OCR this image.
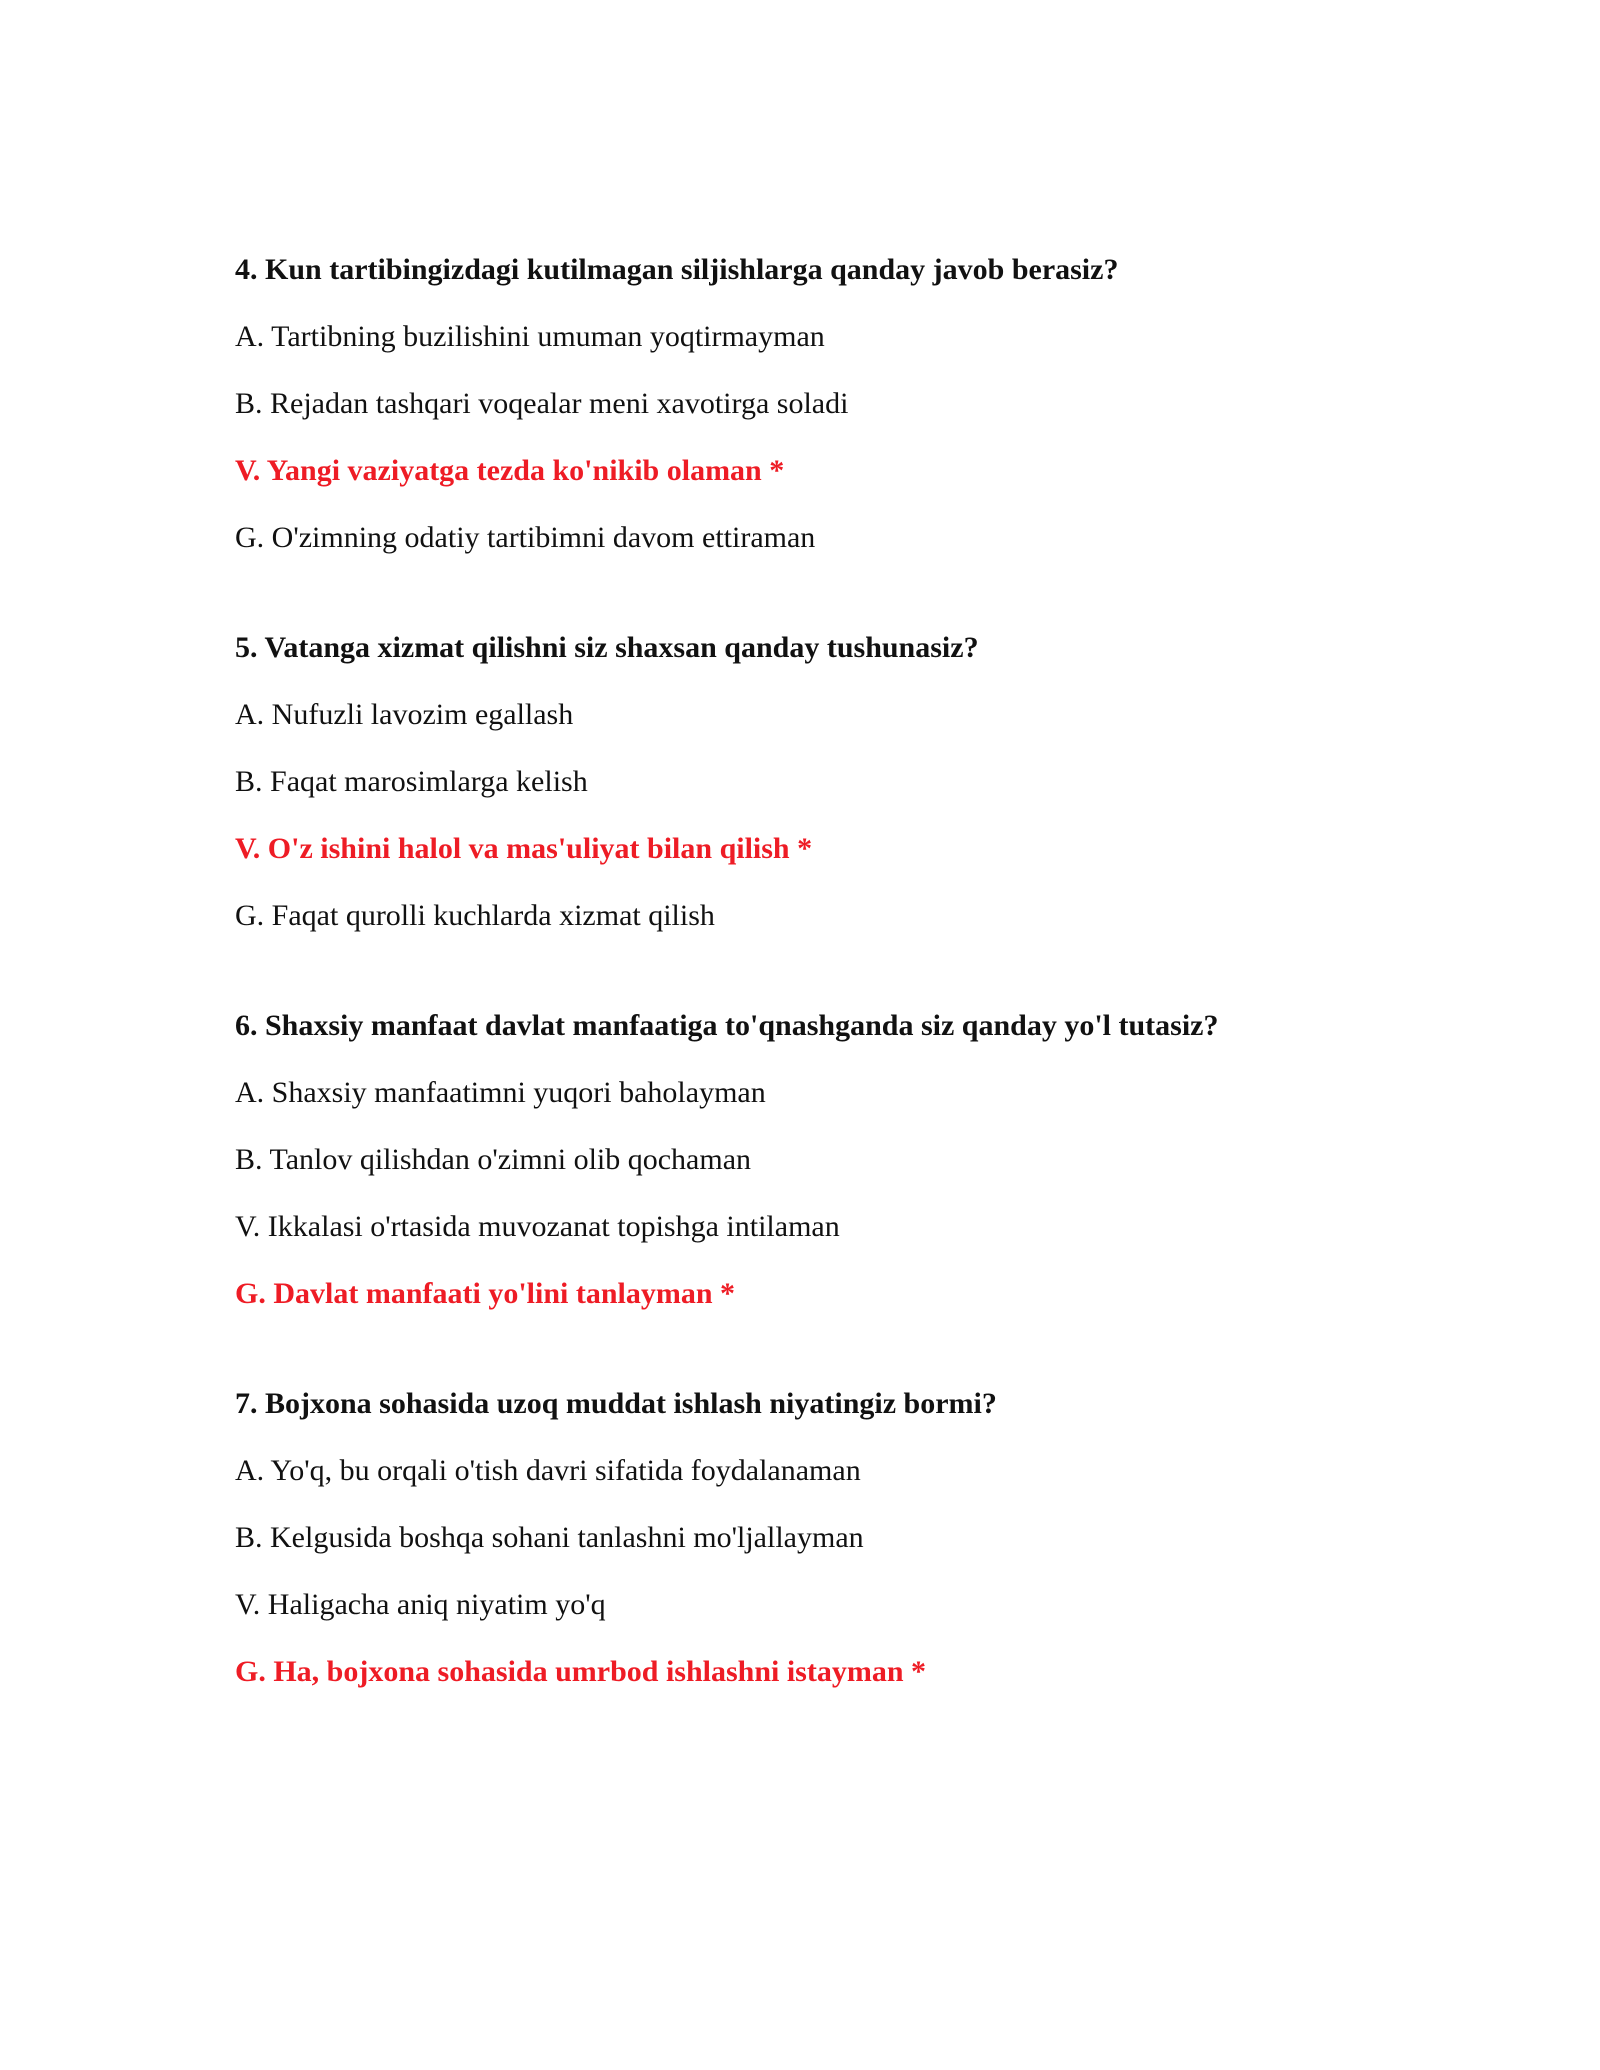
4. Kun tartibingizdagi kutilmagan siljishlarga qanday javob berasiz?
A. Tartibning buzilishini umuman yoqtirmayman
B. Rejadan tashqari voqealar meni xavotirga soladi
V. Yangi vaziyatga tezda ko'nikib olaman *
G. O'zimning odatiy tartibimni davom ettiraman
5. Vatanga xizmat qilishni siz shaxsan qanday tushunasiz?
A. Nufuzli lavozim egallash
B. Faqat marosimlarga kelish
V. O'z ishini halol va mas'uliyat bilan qilish *
G. Faqat qurolli kuchlarda xizmat qilish
6. Shaxsiy manfaat davlat manfaatiga to'qnashganda siz qanday yo'l tutasiz?
A. Shaxsiy manfaatimni yuqori baholayman
B. Tanlov qilishdan o'zimni olib qochaman
V. Ikkalasi o'rtasida muvozanat topishga intilaman
G. Davlat manfaati yo'lini tanlayman *
7. Bojxona sohasida uzoq muddat ishlash niyatingiz bormi?
A. Yo'q, bu orqali o'tish davri sifatida foydalanaman
B. Kelgusida boshqa sohani tanlashni mo'ljallayman
V. Haligacha aniq niyatim yo'q
G. Ha, bojxona sohasida umrbod ishlashni istayman *
